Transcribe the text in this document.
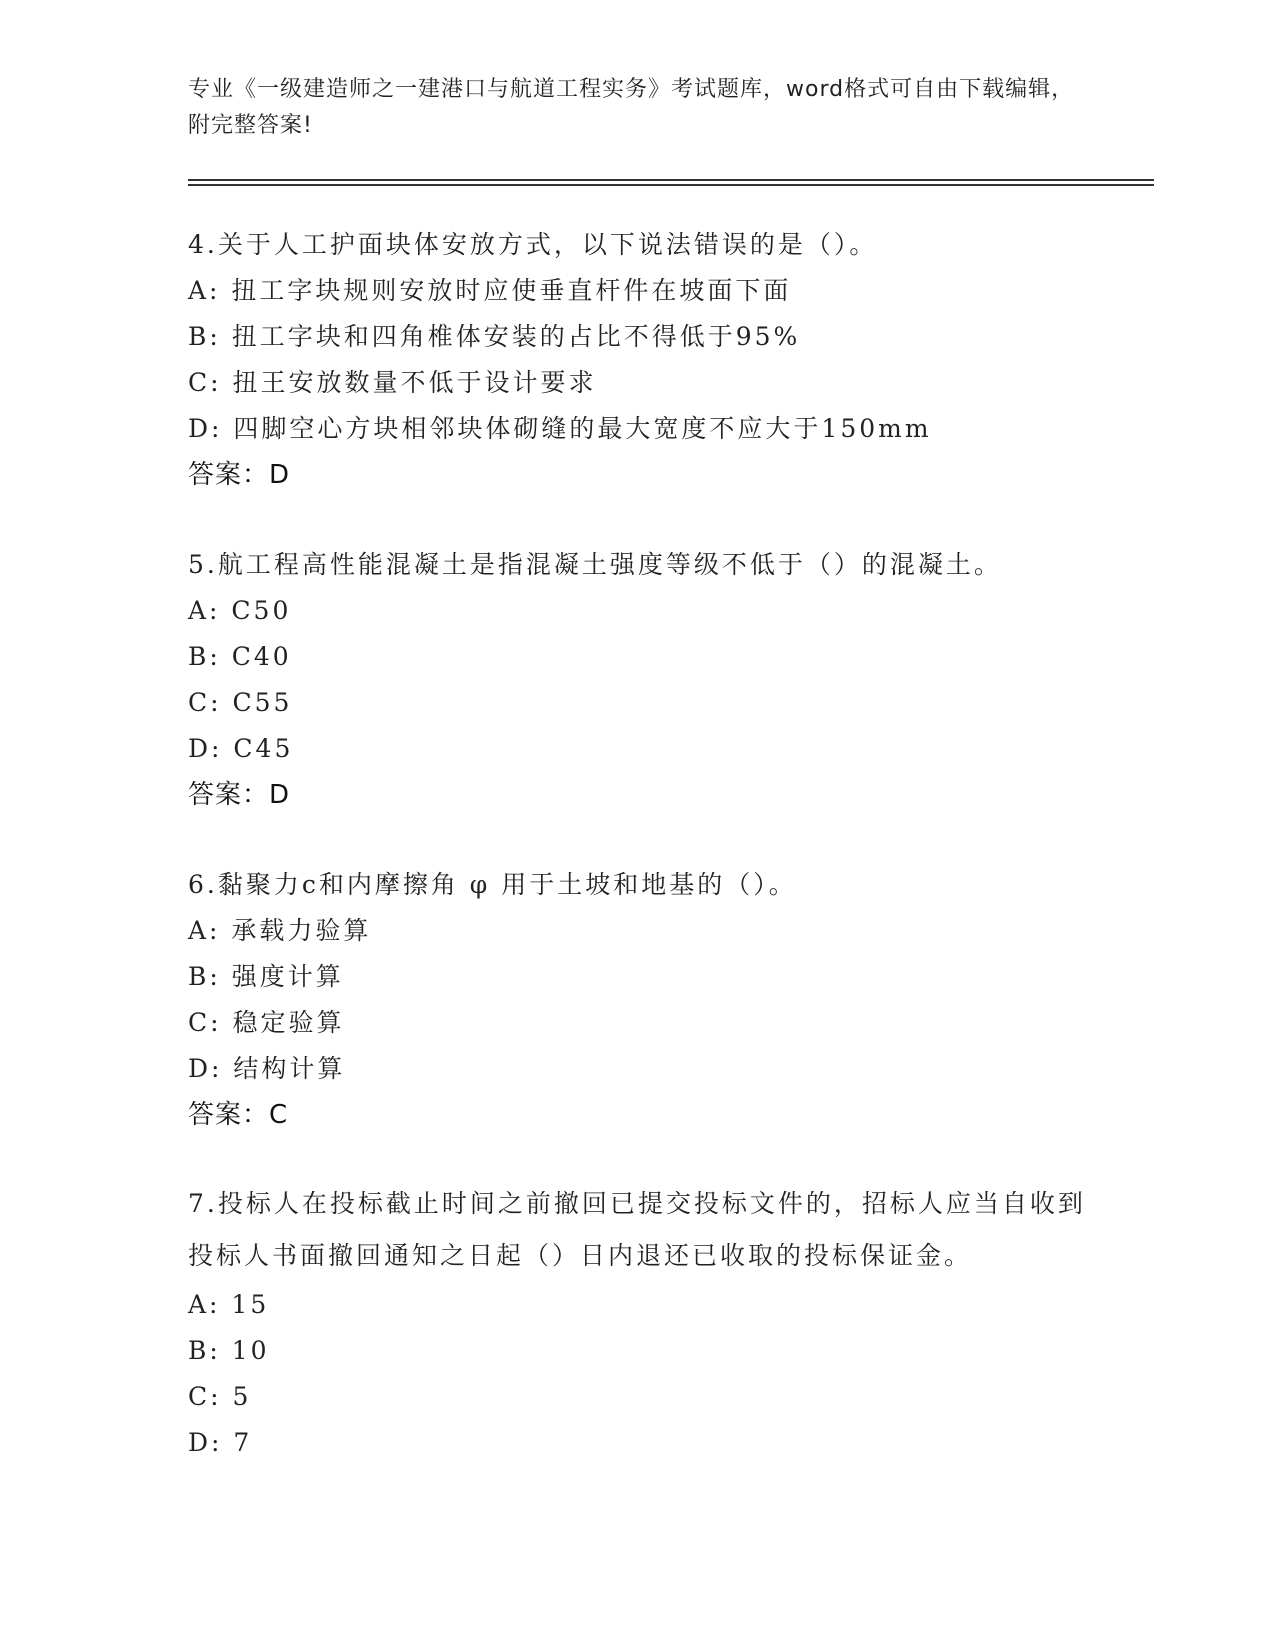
专业《一级建造师之一建港口与航道工程实务》考试题库，word格式可自由下载编辑，附完整答案!
4.关于人工护面块体安放方式，以下说法错误的是（）。
A: 扭工字块规则安放时应使垂直杆件在坡面下面
B: 扭工字块和四角椎体安装的占比不得低于95%
C: 扭王安放数量不低于设计要求
D: 四脚空心方块相邻块体砌缝的最大宽度不应大于150mm
答案：D
5.航工程高性能混凝土是指混凝土强度等级不低于（）的混凝土。
A: C50
B: C40
C: C55
D: C45
答案：D
6.黏聚力c和内摩擦角 φ 用于土坡和地基的（）。
A: 承载力验算
B: 强度计算
C: 稳定验算
D: 结构计算
答案：C
7.投标人在投标截止时间之前撤回已提交投标文件的，招标人应当自收到投标人书面撤回通知之日起（）日内退还已收取的投标保证金。
A: 15
B: 10
C: 5
D: 7
